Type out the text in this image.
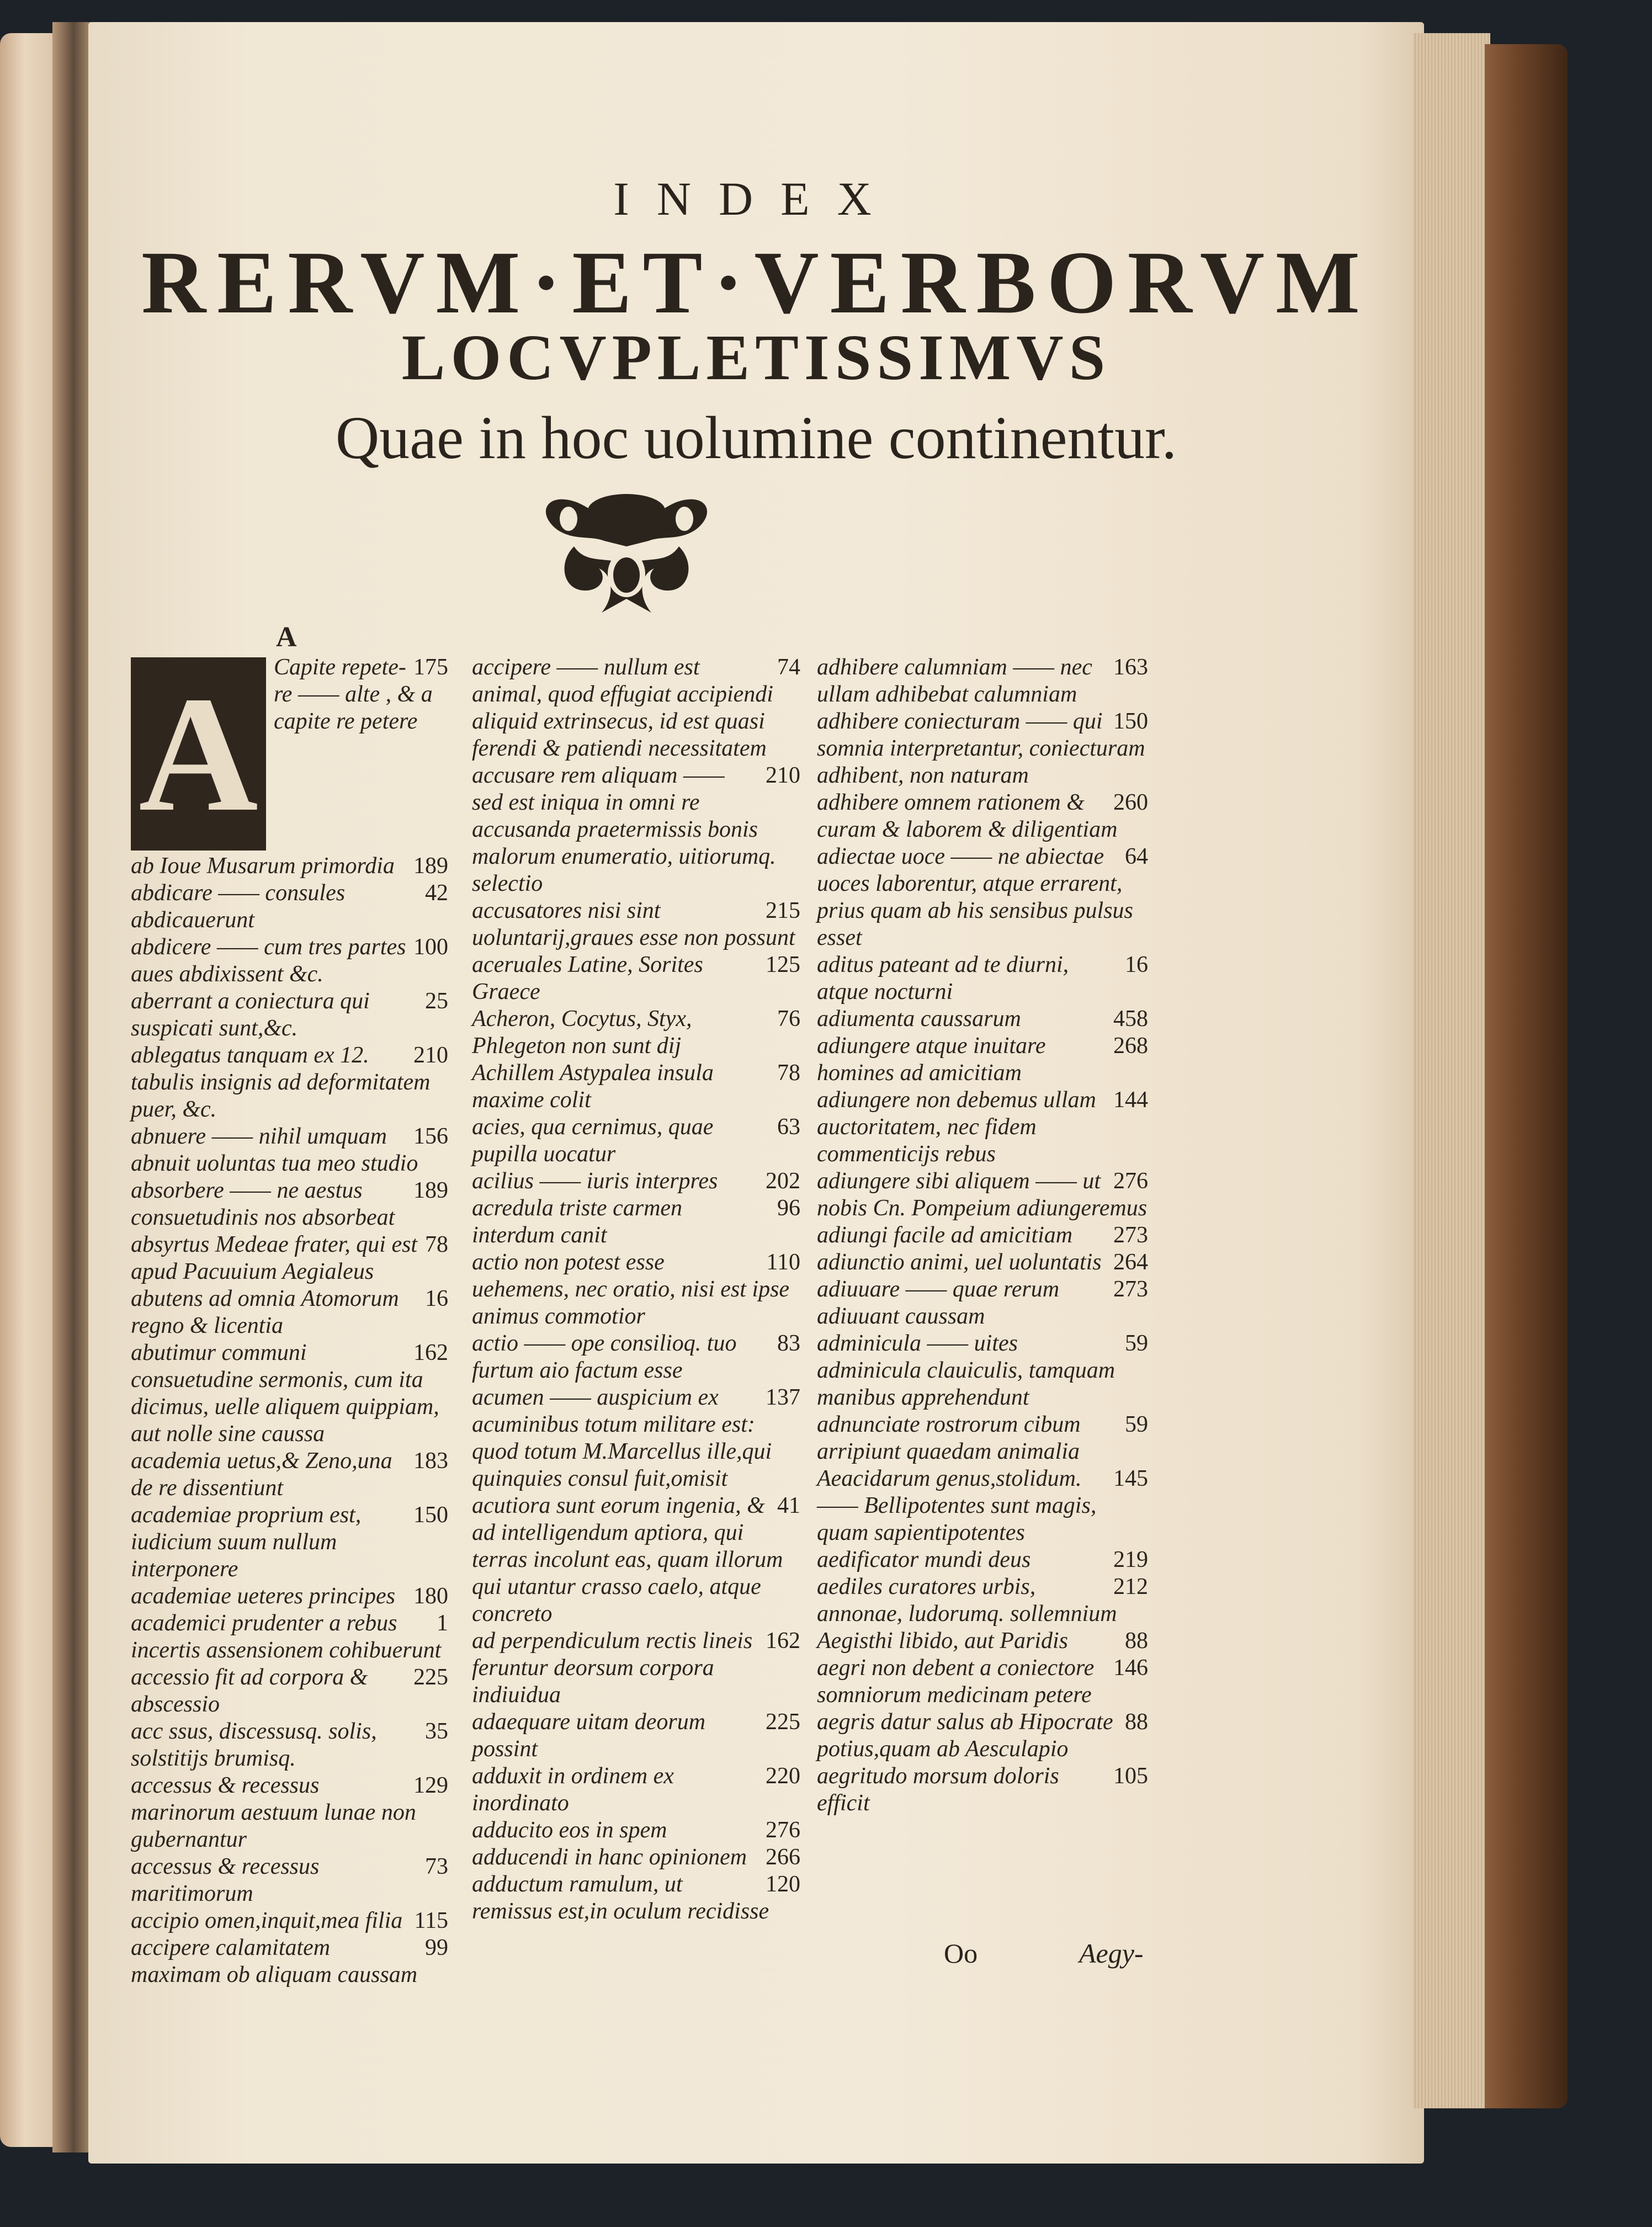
INDEX
RERVM·ET·VERBORVM
LOCVPLETISSIMVS
Quae in hoc uolumine continentur.
A
A	175
Capite repete- re —— alte , & a capite re petere
189
ab Ioue Musarum primordia
42
abdicare —— consules abdicauerunt
100
abdicere —— cum tres partes aues abdixissent &c.
25
aberrant a coniectura qui suspicati sunt,&c.
210
ablegatus tanquam ex 12. tabulis insignis ad deformitatem puer, &c.
156
abnuere —— nihil umquam abnuit uoluntas tua meo studio
189
absorbere —— ne aestus consuetudinis nos absorbeat
78
absyrtus Medeae frater, qui est apud Pacuuium Aegialeus
16
abutens ad omnia Atomorum regno & licentia
162
abutimur communi consuetudine sermonis, cum ita dicimus, uelle aliquem quippiam, aut nolle sine caussa
183
academia uetus,& Zeno,una de re dissentiunt
150
academiae proprium est, iudicium suum nullum interponere
180
academiae ueteres principes
1
academici prudenter a rebus incertis assensionem cohibuerunt
225
accessio fit ad corpora & abscessio
35
acc ssus, discessusq. solis, solstitijs brumisq.
129
accessus & recessus marinorum aestuum lunae non gubernantur
73
accessus & recessus maritimorum
115
accipio omen,inquit,mea filia
99
accipere calamitatem maximam ob aliquam caussam
74
accipere —— nullum est animal, quod effugiat accipiendi aliquid extrinsecus, id est quasi ferendi & patiendi necessitatem
210
accusare rem aliquam —— sed est iniqua in omni re accusanda praetermissis bonis malorum enumeratio, uitiorumq. selectio
215
accusatores nisi sint uoluntarij,graues esse non possunt
125
aceruales Latine, Sorites Graece
76
Acheron, Cocytus, Styx, Phlegeton non sunt dij
78
Achillem Astypalea insula maxime colit
63
acies, qua cernimus, quae pupilla uocatur
202
acilius —— iuris interpres
96
acredula triste carmen interdum canit
110
actio non potest esse uehemens, nec oratio, nisi est ipse animus commotior
83
actio —— ope consilioq. tuo furtum aio factum esse
137
acumen —— auspicium ex acuminibus totum militare est: quod totum M.Marcellus ille,qui quinquies consul fuit,omisit
41
acutiora sunt eorum ingenia, & ad intelligendum aptiora, qui terras incolunt eas, quam illorum qui utantur crasso caelo, atque concreto
162
ad perpendiculum rectis lineis feruntur deorsum corpora indiuidua
225
adaequare uitam deorum possint
220
adduxit in ordinem ex inordinato
276
adducito eos in spem
266
adducendi in hanc opinionem
120
adductum ramulum, ut remissus est,in oculum recidisse
163
adhibere calumniam —— nec ullam adhibebat calumniam
150
adhibere coniecturam —— qui somnia interpretantur, coniecturam adhibent, non naturam
260
adhibere omnem rationem & curam & laborem & diligentiam
64
adiectae uoce —— ne abiectae uoces laborentur, atque errarent, prius quam ab his sensibus pulsus esset
16
aditus pateant ad te diurni, atque nocturni
458
adiumenta caussarum
268
adiungere atque inuitare homines ad amicitiam
144
adiungere non debemus ullam auctoritatem, nec fidem commenticijs rebus
276
adiungere sibi aliquem —— ut nobis Cn. Pompeium adiungeremus
273
adiungi facile ad amicitiam
264
adiunctio animi, uel uoluntatis
273
adiuuare —— quae rerum adiuuant caussam
59
adminicula —— uites adminicula clauiculis, tamquam manibus apprehendunt
59
adnunciate rostrorum cibum arripiunt quaedam animalia
145
Aeacidarum genus,stolidum. —— Bellipotentes sunt magis, quam sapientipotentes
219
aedificator mundi deus
212
aediles curatores urbis, annonae, ludorumq. sollemnium
88
Aegisthi libido, aut Paridis
146
aegri non debent a coniectore somniorum medicinam petere
88
aegris datur salus ab Hipocrate potius,quam ab Aesculapio
105
aegritudo morsum doloris efficit
Oo	Aegy-
